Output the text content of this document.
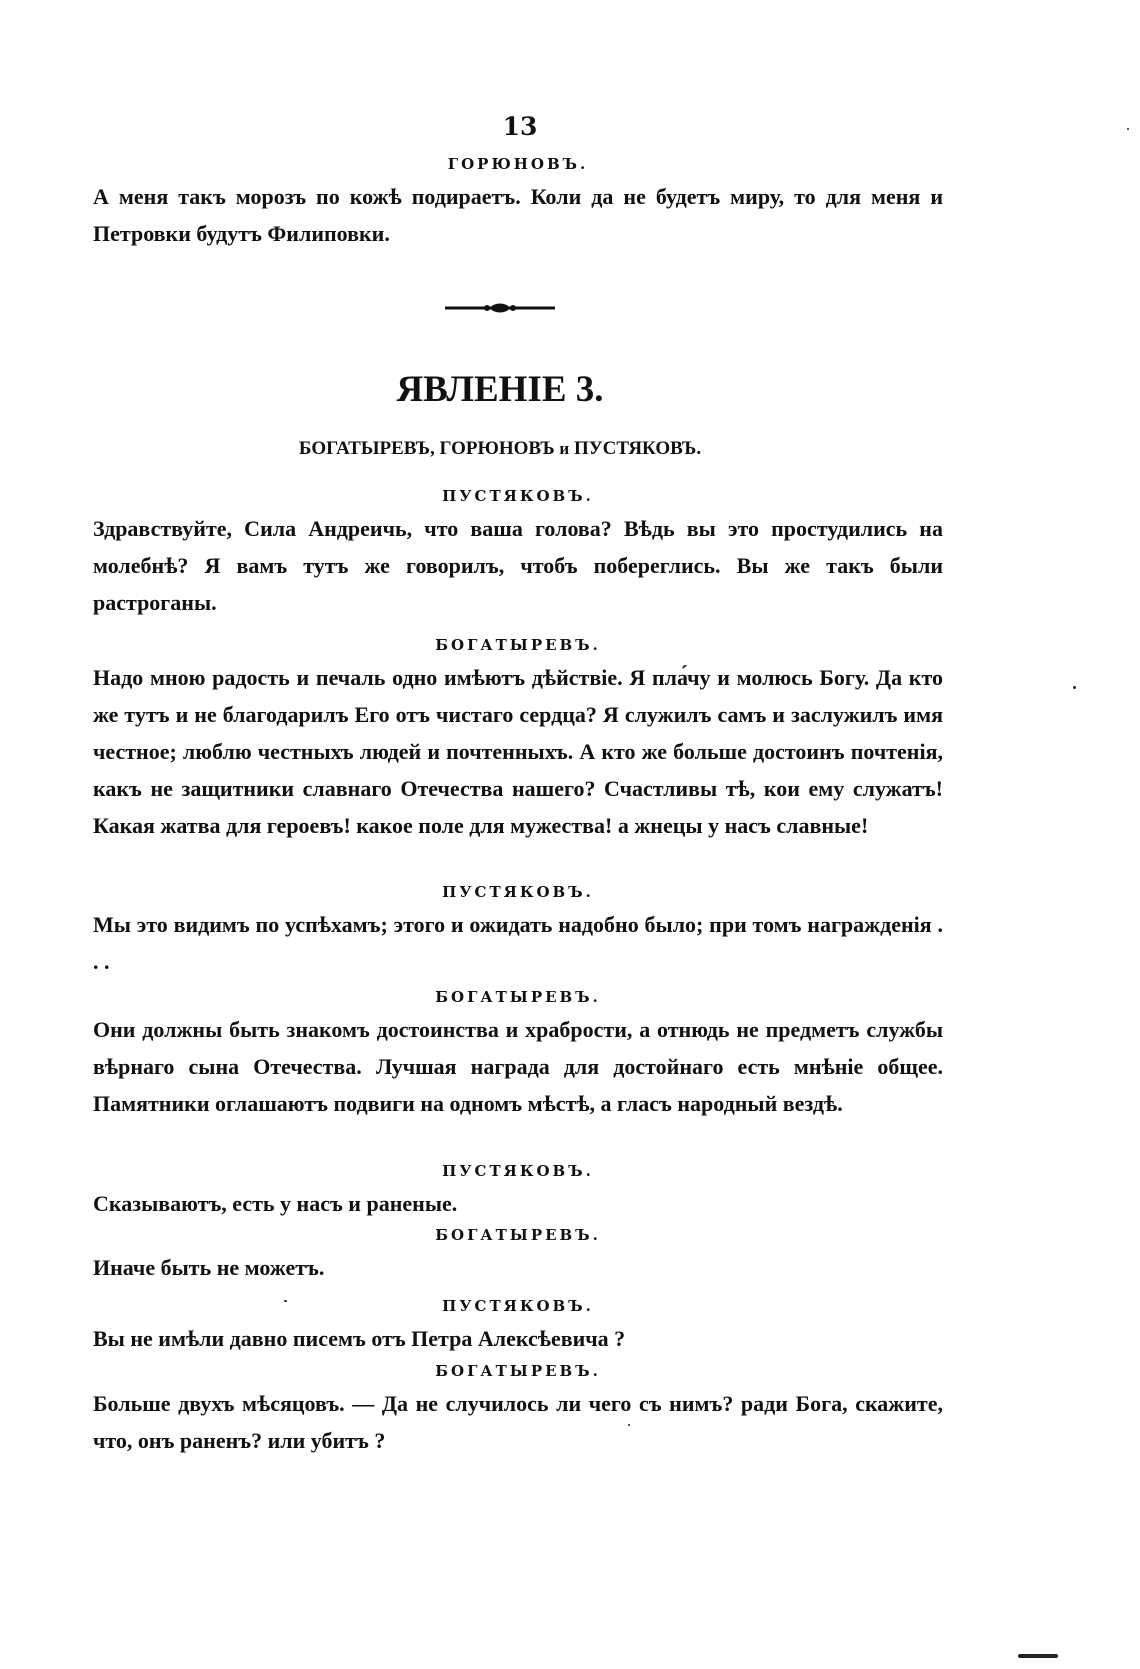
13
ГОРЮНОВЪ.
А меня такъ морозъ по кожѣ подираетъ. Коли да не будетъ миру, то для меня и Петровки будутъ Филиповки.
ЯВЛЕНІЕ 3.
БОГАТЫРЕВЪ, ГОРЮНОВЪ и ПУСТЯКОВЪ.
ПУСТЯКОВЪ.
Здравствуйте, Сила Андреичь, что ваша голова? Вѣдь вы это простудились на молебнѣ? Я вамъ тутъ же говорилъ, чтобъ поберeглись. Вы же такъ были растроганы.
БОГАТЫРЕВЪ.
Надо мною радость и печаль одно имѣютъ дѣйствіе. Я пла́чу и молюсь Богу. Да кто же тутъ и не благодарилъ Его отъ чистаго сердца? Я служилъ самъ и заслужилъ имя честное; люблю честныхъ людей и почтенныхъ. А кто же больше достоинъ почтенія, какъ не защитники славнаго Отечества нашего? Счастливы тѣ, кои ему служатъ! Какая жатва для героевъ! какое поле для мужества! а жнецы у насъ славные!
ПУСТЯКОВЪ.
Мы это видимъ по успѣхамъ; этого и ожидать надобно было; при томъ награжденія . . .
БОГАТЫРЕВЪ.
Они должны быть знакомъ достоинства и храбрости, а отнюдь не предметъ службы вѣрнаго сына Отечества. Лучшая награда для достойнаго есть мнѣніе общее. Памятники оглашаютъ подвиги на одномъ мѣстѣ, а гласъ народный вездѣ.
ПУСТЯКОВЪ.
Сказываютъ, есть у насъ и раненые.
БОГАТЫРЕВЪ.
Иначе быть не можетъ.
ПУСТЯКОВЪ.
Вы не имѣли давно писемъ отъ Петра Алексѣевича ?
БОГАТЫРЕВЪ.
Больше двухъ мѣсяцовъ. — Да не случилось ли чего съ нимъ? ради Бога, скажите, что, онъ раненъ? или убитъ ?
